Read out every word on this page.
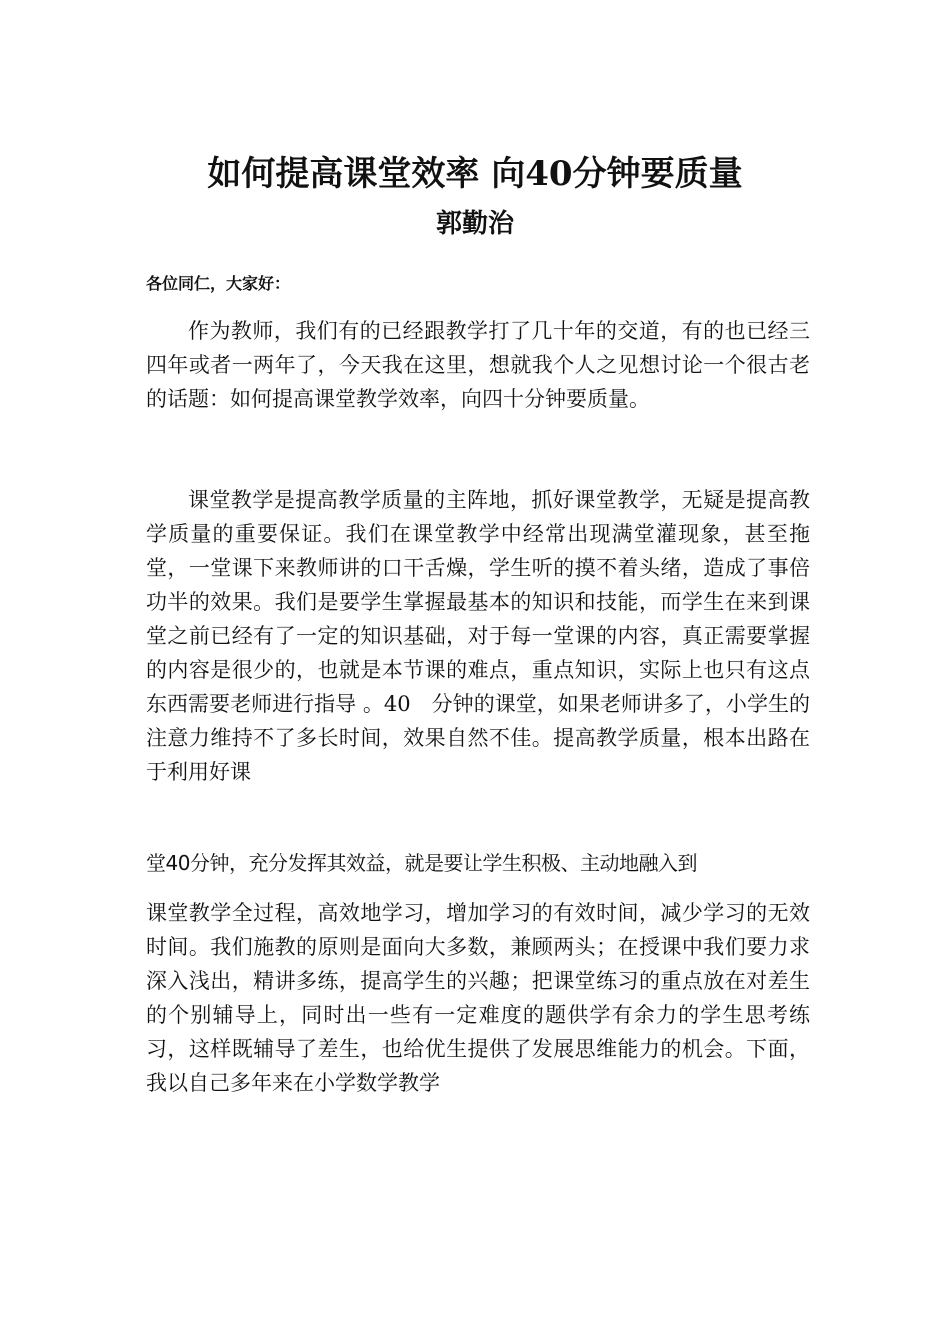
如何提高课堂效率 向40分钟要质量
郭勤治

各位同仁，大家好：

作为教师，我们有的已经跟教学打了几十年的交道，有的也已经三四年或者一两年了，今天我在这里，想就我个人之见想讨论一个很古老的话题：如何提高课堂教学效率，向四十分钟要质量。

课堂教学是提高教学质量的主阵地，抓好课堂教学，无疑是提高教学质量的重要保证。我们在课堂教学中经常出现满堂灌现象，甚至拖堂，一堂课下来教师讲的口干舌燥，学生听的摸不着头绪，造成了事倍功半的效果。我们是要学生掌握最基本的知识和技能，而学生在来到课堂之前已经有了一定的知识基础，对于每一堂课的内容，真正需要掌握的内容是很少的，也就是本节课的难点，重点知识，实际上也只有这点东西需要老师进行指导 。40　分钟的课堂，如果老师讲多了，小学生的注意力维持不了多长时间，效果自然不佳。提高教学质量，根本出路在于利用好课

堂40分钟，充分发挥其效益，就是要让学生积极、主动地融入到

课堂教学全过程，高效地学习，增加学习的有效时间，减少学习的无效时间。我们施教的原则是面向大多数，兼顾两头；在授课中我们要力求深入浅出，精讲多练，提高学生的兴趣；把课堂练习的重点放在对差生的个别辅导上，同时出一些有一定难度的题供学有余力的学生思考练习，这样既辅导了差生，也给优生提供了发展思维能力的机会。下面，我以自己多年来在小学数学教学
